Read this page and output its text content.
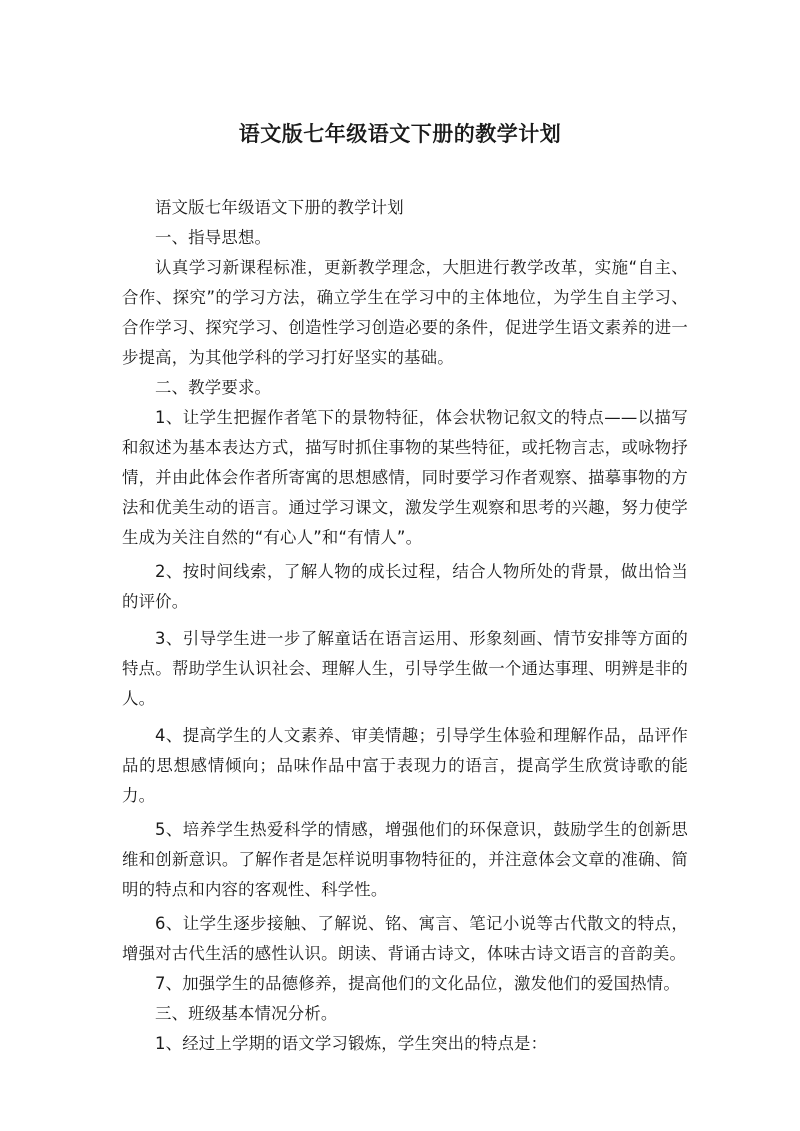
语文版七年级语文下册的教学计划

语文版七年级语文下册的教学计划

一、指导思想。

认真学习新课程标准，更新教学理念，大胆进行教学改革，实施“自主、合作、探究”的学习方法，确立学生在学习中的主体地位，为学生自主学习、合作学习、探究学习、创造性学习创造必要的条件，促进学生语文素养的进一步提高，为其他学科的学习打好坚实的基础。

二、教学要求。

1、让学生把握作者笔下的景物特征，体会状物记叙文的特点——以描写和叙述为基本表达方式，描写时抓住事物的某些特征，或托物言志，或咏物抒情，并由此体会作者所寄寓的思想感情，同时要学习作者观察、描摹事物的方法和优美生动的语言。通过学习课文，激发学生观察和思考的兴趣，努力使学生成为关注自然的“有心人”和“有情人”。

2、按时间线索，了解人物的成长过程，结合人物所处的背景，做出恰当的评价。

3、引导学生进一步了解童话在语言运用、形象刻画、情节安排等方面的特点。帮助学生认识社会、理解人生，引导学生做一个通达事理、明辨是非的人。

4、提高学生的人文素养、审美情趣；引导学生体验和理解作品，品评作品的思想感情倾向；品味作品中富于表现力的语言，提高学生欣赏诗歌的能力。

5、培养学生热爱科学的情感，增强他们的环保意识，鼓励学生的创新思维和创新意识。了解作者是怎样说明事物特征的，并注意体会文章的准确、简明的特点和内容的客观性、科学性。

6、让学生逐步接触、了解说、铭、寓言、笔记小说等古代散文的特点，增强对古代生活的感性认识。朗读、背诵古诗文，体味古诗文语言的音韵美。

7、加强学生的品德修养，提高他们的文化品位，激发他们的爱国热情。

三、班级基本情况分析。

1、经过上学期的语文学习锻炼，学生突出的特点是：
